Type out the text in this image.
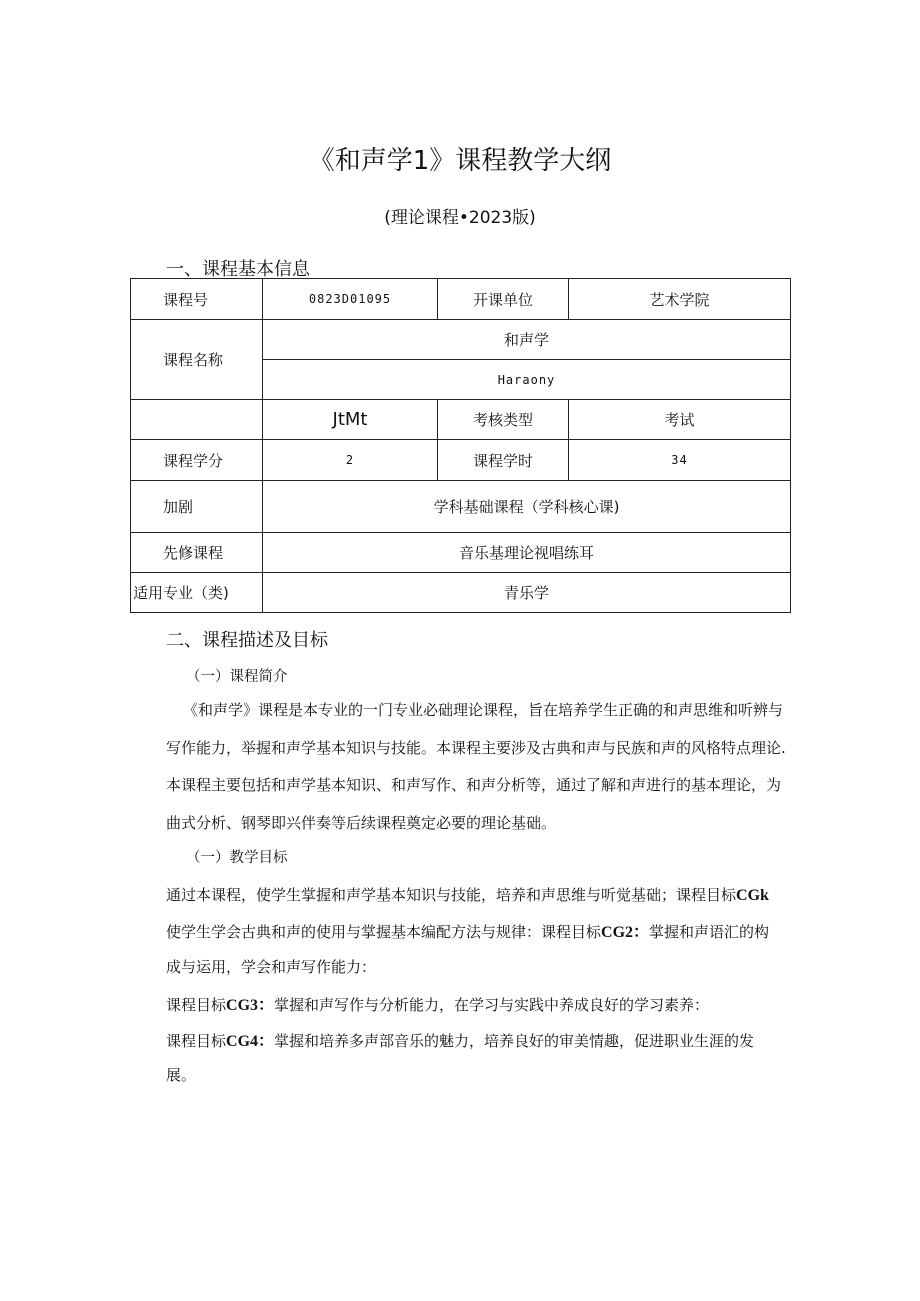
《和声学1》课程教学大纲
(理论课程•2023版)
一、课程基本信息
课程号	0823D01095	开课单位	艺术学院
课程名称	和声学		
	Haraony		
	JtMt	考核类型	考试
课程学分	2	课程学时	34
加剧	学科基础课程（学科核心课)		
先修课程	音乐基理论视唱练耳		
适用专业（类)	青乐学		
二、课程描述及目标
（一）课程简介

《和声学》课程是本专业的一门专业必础理论课程，旨在培养学生正确的和声思维和听辨与写作能力，举握和声学基本知识与技能。本课程主要涉及古典和声与民族和声的风格特点理论.本课程主要包括和声学基本知识、和声写作、和声分析等，通过了解和声进行的基本理论，为曲式分析、钢琴即兴伴奏等后续课程奠定必要的理论基础。

（一）教学目标
通过本课程，使学生掌握和声学基本知识与技能，培养和声思维与听觉基础；课程目标CGk
使学生学会古典和声的使用与掌握基本编配方法与规律：课程目标CG2：掌握和声语汇的构
成与运用，学会和声写作能力：
课程目标CG3：掌握和声写作与分析能力，在学习与实践中养成良好的学习素养：
课程目标CG4：掌握和培养多声部音乐的魅力，培养良好的审美情趣，促进职业生涯的发
展。
